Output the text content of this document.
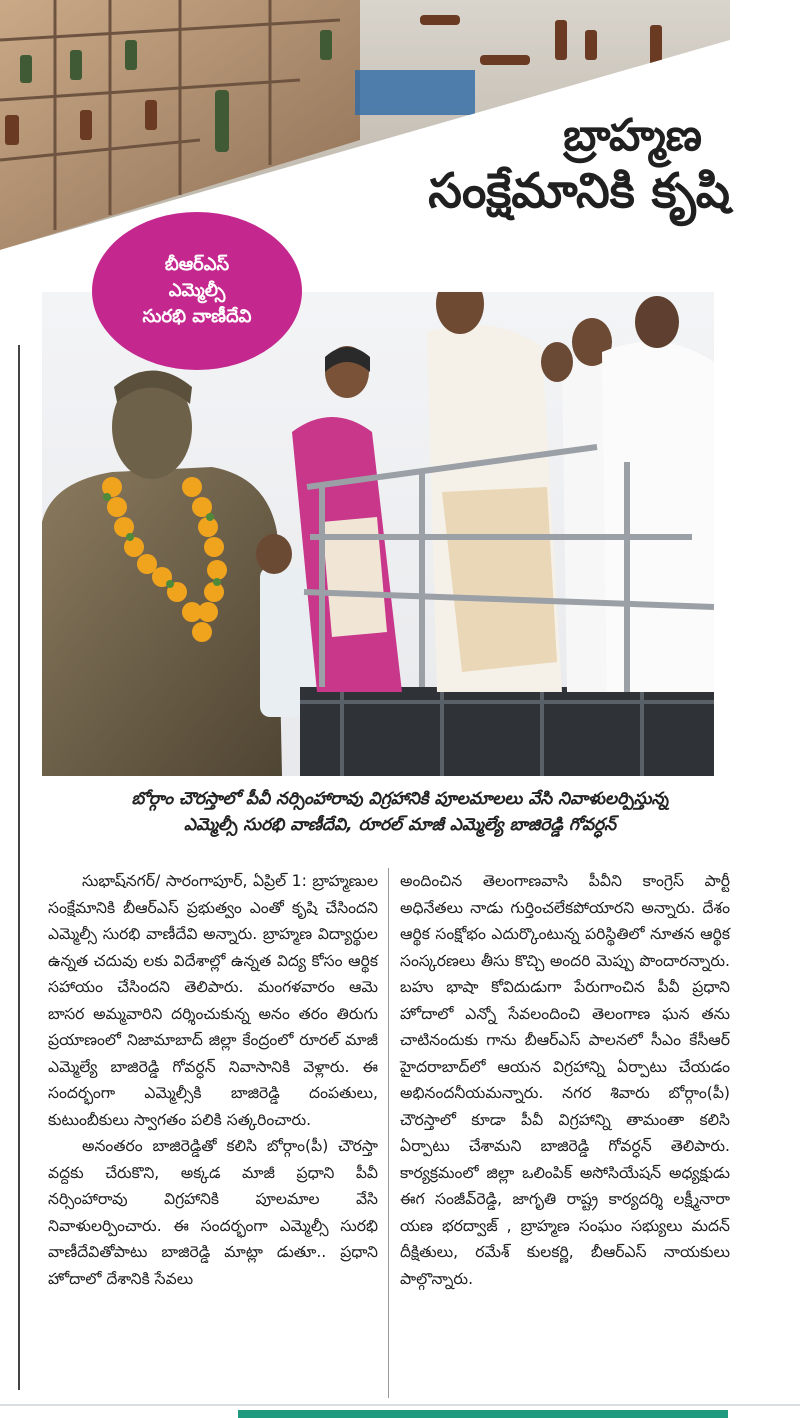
బ్రాహ్మణ
సంక్షేమానికి కృషి
బీఆర్ఎస్
ఎమ్మెల్సీ
సురభి వాణీదేవి
బోర్గాం చౌరస్తాలో పీవీ నర్సింహారావు విగ్రహానికి పూలమాలలు వేసి నివాళులర్పిస్తున్న
ఎమ్మెల్సీ సురభి వాణీదేవి, రూరల్ మాజీ ఎమ్మెల్యే బాజిరెడ్డి గోవర్ధన్

సుభాష్‌నగర్/ సారంగాపూర్, ఏప్రిల్ 1: బ్రాహ్మణుల సంక్షేమానికి బీఆర్ఎస్ ప్రభుత్వం ఎంతో కృషి చేసిందని ఎమ్మెల్సీ సురభి వాణీదేవి అన్నారు. బ్రాహ్మణ విద్యార్థుల ఉన్నత చదువు లకు విదేశాల్లో ఉన్నత విద్య కోసం ఆర్థిక సహాయం చేసిందని తెలిపారు. మంగళవారం ఆమె బాసర అమ్మవారిని దర్శించుకున్న అనం తరం తిరుగు ప్రయాణంలో నిజామాబాద్ జిల్లా కేంద్రంలో రూరల్ మాజీ ఎమ్మెల్యే బాజిరెడ్డి గోవర్ధన్ నివాసానికి వెళ్లారు. ఈ సందర్భంగా ఎమ్మెల్సీకి బాజిరెడ్డి దంపతులు, కుటుంబీకులు స్వాగతం పలికి సత్కరించారు.

అనంతరం బాజిరెడ్డితో కలిసి బోర్గాం(పీ) చౌరస్తా వద్దకు చేరుకొని, అక్కడ మాజీ ప్రధాని పీవీ నర్సింహారావు విగ్రహానికి పూలమాల వేసి నివాళులర్పించారు. ఈ సందర్భంగా ఎమ్మెల్సీ సురభి వాణీదేవితోపాటు బాజిరెడ్డి మాట్లా డుతూ.. ప్రధాని హోదాలో దేశానికి సేవలు

అందించిన తెలంగాణవాసి పీవీని కాంగ్రెస్ పార్టీ అధినేతలు నాడు గుర్తించలేకపోయారని అన్నారు. దేశం ఆర్థిక సంక్షోభం ఎదుర్కొంటున్న పరిస్థితిలో నూతన ఆర్థిక సంస్కరణలు తీసు కొచ్చి అందరి మెప్పు పొందారన్నారు. బహు భాషా కోవిదుడుగా పేరుగాంచిన పీవీ ప్రధాని హోదాలో ఎన్నో సేవలందించి తెలంగాణ ఘన తను చాటినందుకు గాను బీఆర్ఎస్ పాలనలో సీఎం కేసీఆర్ హైదరాబాద్‌లో ఆయన విగ్రహాన్ని ఏర్పాటు చేయడం అభినందనీయమన్నారు. నగర శివారు బోర్గాం(పీ) చౌరస్తాలో కూడా పీవీ విగ్రహాన్ని తామంతా కలిసి ఏర్పాటు చేశామని బాజిరెడ్డి గోవర్ధన్ తెలిపారు. కార్యక్రమంలో జిల్లా ఒలింపిక్ అసోసియేషన్ అధ్యక్షుడు ఈగ సంజీవ్‌రెడ్డి, జాగృతి రాష్ట్ర కార్యదర్శి లక్ష్మీనారా యణ భరద్వాజ్ , బ్రాహ్మణ సంఘం సభ్యులు మదన్ దీక్షితులు, రమేశ్ కులకర్ణి, బీఆర్ఎస్ నాయకులు పాల్గొన్నారు.
